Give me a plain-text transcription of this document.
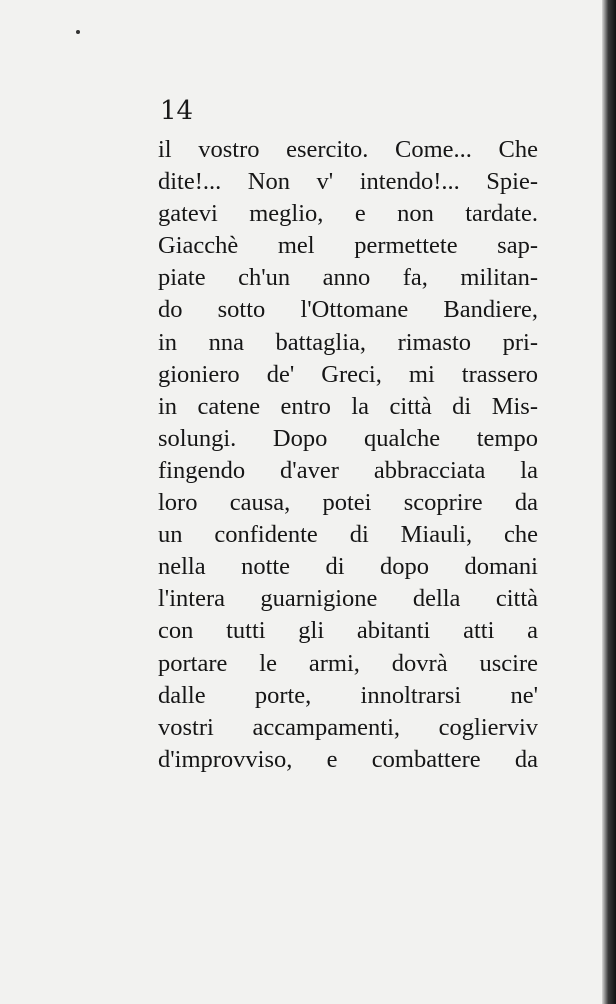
14
il vostro esercito. Come... Che
dite!... Non v' intendo!... Spie-
gatevi meglio, e non tardate.
Giacchè mel permettete sap-
piate ch'un anno fa, militan-
do sotto l'Ottomane Bandiere,
in nna battaglia, rimasto pri-
gioniero de' Greci, mi trassero
in catene entro la città di Mis-
solungi. Dopo qualche tempo
fingendo d'aver abbracciata la
loro causa, potei scoprire da
un confidente di Miauli, che
nella notte di dopo domani
l'intera guarnigione della città
con tutti gli abitanti atti a
portare le armi, dovrà uscire
dalle porte, innoltrarsi ne'
vostri accampamenti, coglierviv
d'improvviso, e combattere da
